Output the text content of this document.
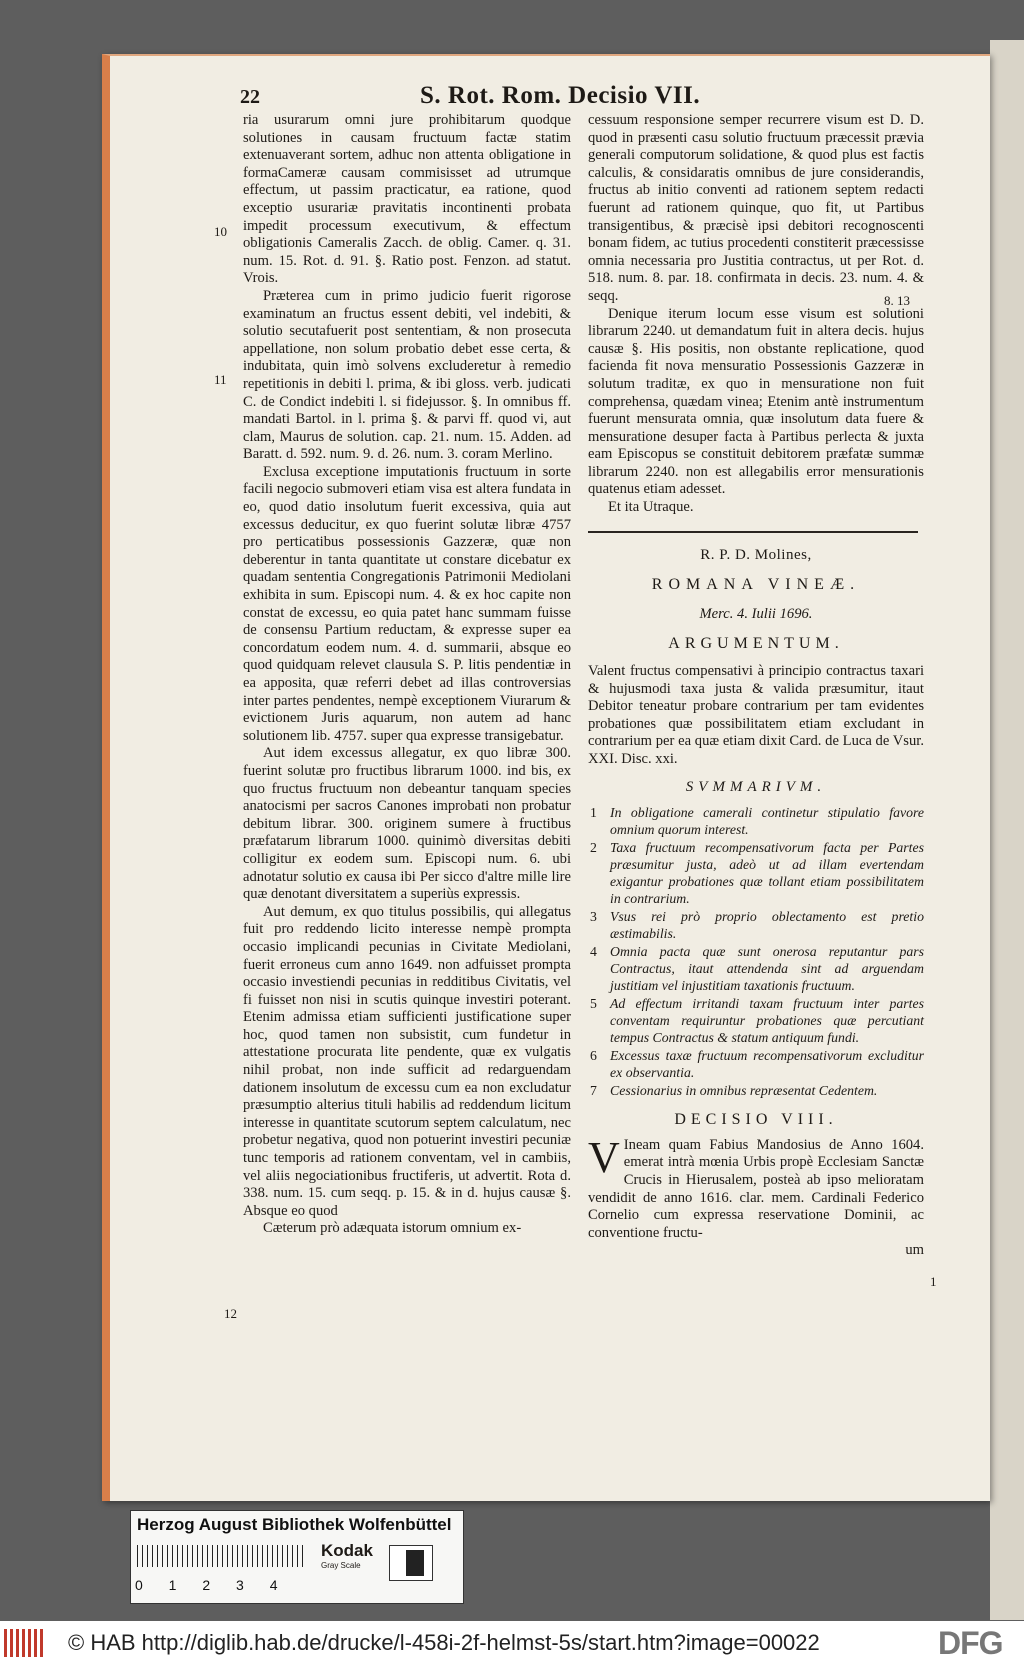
22	S. Rot. Rom. Decisio VII.
10
11
12
8. 13
1

ria usurarum omni jure prohibitarum quodque solutiones in causam fructuum factæ statim extenuaverant sortem, adhuc non attenta obligatione in formaCameræ causam commisisset ad utrumque effectum, ut passim practicatur, ea ratione, quod exceptio usurariæ pravitatis incontinenti probata impedit processum executivum, & effectum obligationis Cameralis Zacch. de oblig. Camer. q. 31. num. 15. Rot. d. 91. §. Ratio post. Fenzon. ad statut. Vrois.

Præterea cum in primo judicio fuerit rigorose examinatum an fructus essent debiti, vel indebiti, & solutio secutafuerit post sententiam, & non prosecuta appellatione, non solum probatio debet esse certa, & indubitata, quin imò solvens excluderetur à remedio repetitionis in debiti l. prima, & ibi gloss. verb. judicati C. de Condict indebiti l. si fidejussor. §. In omnibus ff. mandati Bartol. in l. prima §. & parvi ff. quod vi, aut clam, Maurus de solution. cap. 21. num. 15. Adden. ad Baratt. d. 592. num. 9. d. 26. num. 3. coram Merlino.

Exclusa exceptione imputationis fructuum in sorte facili negocio submoveri etiam visa est altera fundata in eo, quod datio insolutum fuerit excessiva, quia aut excessus deducitur, ex quo fuerint solutæ libræ 4757 pro perticatibus possessionis Gazzeræ, quæ non deberentur in tanta quantitate ut constare dicebatur ex quadam sententia Congregationis Patrimonii Mediolani exhibita in sum. Episcopi num. 4. & ex hoc capite non constat de excessu, eo quia patet hanc summam fuisse de consensu Partium reductam, & expresse super ea concordatum eodem num. 4. d. summarii, absque eo quod quidquam relevet clausula S. P. litis pendentiæ in ea apposita, quæ referri debet ad illas controversias inter partes pendentes, nempè exceptionem Viurarum & evictionem Juris aquarum, non autem ad hanc solutionem lib. 4757. super qua expresse transigebatur.

Aut idem excessus allegatur, ex quo libræ 300. fuerint solutæ pro fructibus librarum 1000. ind bis, ex quo fructus fructuum non debeantur tanquam species anatocismi per sacros Canones improbati non probatur debitum librar. 300. originem sumere à fructibus præfatarum librarum 1000. quinimò diversitas debiti colligitur ex eodem sum. Episcopi num. 6. ubi adnotatur solutio ex causa ibi Per sicco d'altre mille lire quæ denotant diversitatem a superiùs expressis.

Aut demum, ex quo titulus possibilis, qui allegatus fuit pro reddendo licito interesse nempè prompta occasio implicandi pecunias in Civitate Mediolani, fuerit erroneus cum anno 1649. non adfuisset prompta occasio investiendi pecunias in redditibus Civitatis, vel fi fuisset non nisi in scutis quinque investiri poterant. Etenim admissa etiam sufficienti justificatione super hoc, quod tamen non subsistit, cum fundetur in attestatione procurata lite pendente, quæ ex vulgatis nihil probat, non inde sufficit ad redarguendam dationem insolutum de excessu cum ea non excludatur præsumptio alterius tituli habilis ad reddendum licitum interesse in quantitate scutorum septem calculatum, nec probetur negativa, quod non potuerint investiri pecuniæ tunc temporis ad rationem conventam, vel in cambiis, vel aliis negociationibus fructiferis, ut advertit. Rota d. 338. num. 15. cum seqq. p. 15. & in d. hujus causæ §. Absque eo quod

Cæterum prò adæquata istorum omnium ex-

cessuum responsione semper recurrere visum est D. D. quod in præsenti casu solutio fructuum præcessit prævia generali computorum solidatione, & quod plus est factis calculis, & considaratis omnibus de jure considerandis, fructus ab initio conventi ad rationem septem redacti fuerunt ad rationem quinque, quo fit, ut Partibus transigentibus, & præcisè ipsi debitori recognoscenti bonam fidem, ac tutius procedenti constiterit præcessisse omnia necessaria pro Justitia contractus, ut per Rot. d. 518. num. 8. par. 18. confirmata in decis. 23. num. 4. & seqq.

Denique iterum locum esse visum est solutioni librarum 2240. ut demandatum fuit in altera decis. hujus causæ §. His positis, non obstante replicatione, quod facienda fit nova mensuratio Possessionis Gazzeræ in solutum traditæ, ex quo in mensuratione non fuit comprehensa, quædam vinea; Etenim antè instrumentum fuerunt mensurata omnia, quæ insolutum data fuere & mensuratione desuper facta à Partibus perlecta & juxta eam Episcopus se constituit debitorem præfatæ summæ librarum 2240. non est allegabilis error mensurationis quatenus etiam adesset.

Et ita Utraque.

R. P. D. Molines,
ROMANA VINEÆ.
Merc. 4. Iulii 1696.
ARGUMENTUM.

Valent fructus compensativi à principio contractus taxari & hujusmodi taxa justa & valida præsumitur, itaut Debitor teneatur probare contrarium per tam evidentes probationes quæ possibilitatem etiam excludant in contrarium per ea quæ etiam dixit Card. de Luca de Vsur. XXI. Disc. xxi.

SVMMARIVM.
1 In obligatione camerali continetur stipulatio favore omnium quorum interest.
2 Taxa fructuum recompensativorum facta per Partes præsumitur justa, adeò ut ad illam evertendam exigantur probationes quæ tollant etiam possibilitatem in contrarium.
3 Vsus rei prò proprio oblectamento est pretio æstimabilis.
4 Omnia pacta quæ sunt onerosa reputantur pars Contractus, itaut attendenda sint ad arguendam justitiam vel injustitiam taxationis fructuum.
5 Ad effectum irritandi taxam fructuum inter partes conventam requiruntur probationes quæ percutiant tempus Contractus & statum antiquum fundi.
6 Excessus taxæ fructuum recompensativorum excluditur ex observantia.
7 Cessionarius in omnibus repræsentat Cedentem.
DECISIO VIII.

V Ineam quam Fabius Mandosius de Anno 1604. emerat intrà mœnia Urbis propè Ecclesiam Sanctæ Crucis in Hierusalem, posteà ab ipso melioratam vendidit de anno 1616. clar. mem. Cardinali Federico Cornelio cum expressa reservatione Dominii, ac conventione fructu-

um
Herzog August Bibliothek Wolfenbüttel
0 1 2 3 4
Kodak
Gray Scale
© HAB http://diglib.hab.de/drucke/l-458i-2f-helmst-5s/start.htm?image=00022	DFG
